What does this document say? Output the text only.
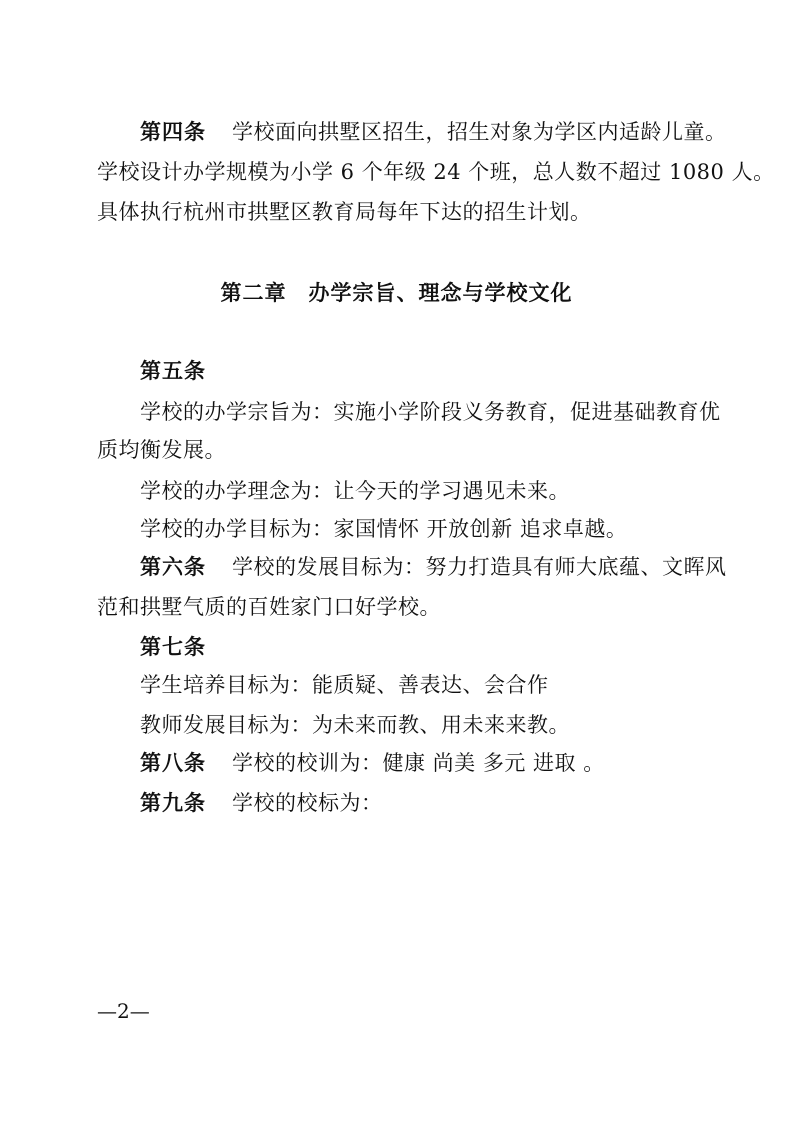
第四条 学校面向拱墅区招生，招生对象为学区内适龄儿童。
学校设计办学规模为小学 6 个年级 24 个班，总人数不超过 1080 人。
具体执行杭州市拱墅区教育局每年下达的招生计划。
第二章 办学宗旨、理念与学校文化
第五条
学校的办学宗旨为：实施小学阶段义务教育，促进基础教育优
质均衡发展。
学校的办学理念为：让今天的学习遇见未来。
学校的办学目标为：家国情怀 开放创新 追求卓越。
第六条 学校的发展目标为：努力打造具有师大底蕴、文晖风
范和拱墅气质的百姓家门口好学校。
第七条
学生培养目标为：能质疑、善表达、会合作
教师发展目标为：为未来而教、用未来来教。
第八条 学校的校训为：健康 尚美 多元 进取 。
第九条 学校的校标为：
—2—
